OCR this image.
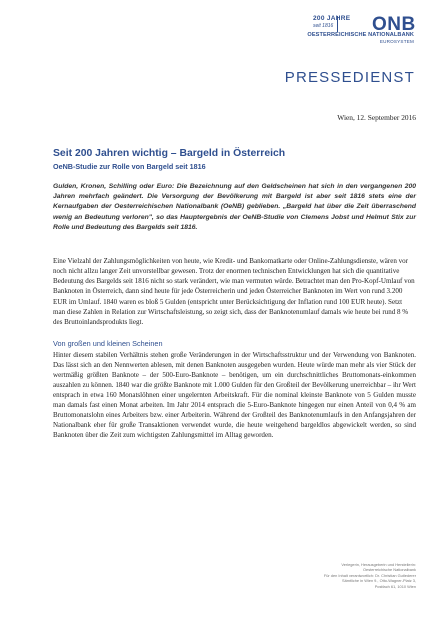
200 JAHRE
seit 1816	ONB
OESTERREICHISCHE NATIONALBANK
EUROSYSTEM
PRESSEDIENST
Wien, 12. September 2016
Seit 200 Jahren wichtig – Bargeld in Österreich
OeNB-Studie zur Rolle von Bargeld seit 1816

Gulden, Kronen, Schilling oder Euro: Die Bezeichnung auf den Geldscheinen hat sich in den vergangenen 200 Jahren mehrfach geändert. Die Versorgung der Bevölkerung mit Bargeld ist aber seit 1816 stets eine der Kernaufgaben der Oesterreichischen Nationalbank (OeNB) geblieben. „Bargeld hat über die Zeit überraschend wenig an Bedeutung verloren", so das Hauptergebnis der OeNB-Studie von Clemens Jobst und Helmut Stix zur Rolle und Bedeutung des Bargelds seit 1816.

Eine Vielzahl der Zahlungsmöglichkeiten von heute, wie Kredit- und Bankomatkarte oder Online-Zahlungsdienste, wären vor noch nicht allzu langer Zeit unvorstellbar gewesen. Trotz der enormen technischen Entwicklungen hat sich die quantitative Bedeutung des Bargelds seit 1816 nicht so stark verändert, wie man vermuten würde. Betrachtet man den Pro-Kopf-Umlauf von Banknoten in Österreich, dann sind heute für jede Österreicherin und jeden Österreicher Banknoten im Wert von rund 3.200 EUR im Umlauf. 1840 waren es bloß 5 Gulden (entspricht unter Berücksichtigung der Inflation rund 100 EUR heute). Setzt man diese Zahlen in Relation zur Wirtschaftsleistung, so zeigt sich, dass der Banknotenumlauf damals wie heute bei rund 8 % des Bruttoinlandsprodukts liegt.

Von großen und kleinen Scheinen

Hinter diesem stabilen Verhältnis stehen große Veränderungen in der Wirtschaftsstruktur und der Verwendung von Banknoten. Das lässt sich an den Nennwerten ablesen, mit denen Banknoten ausgegeben wurden. Heute würde man mehr als vier Stück der wertmäßig größten Banknote – der 500-Euro-Banknote – benötigen, um ein durchschnittliches Bruttomonats-einkommen auszahlen zu können. 1840 war die größte Banknote mit 1.000 Gulden für den Großteil der Bevölkerung unerreichbar – ihr Wert entsprach in etwa 160 Monatslöhnen einer ungelernten Arbeitskraft. Für die nominal kleinste Banknote von 5 Gulden musste man damals fast einen Monat arbeiten. Im Jahr 2014 entsprach die 5-Euro-Banknote hingegen nur einen Anteil von 0,4 % am Bruttomonatslohn eines Arbeiters bzw. einer Arbeiterin. Während der Großteil des Banknotenumlaufs in den Anfangsjahren der Nationalbank eher für große Transaktionen verwendet wurde, die heute weitgehend bargeldlos abgewickelt werden, so sind Banknoten über die Zeit zum wichtigsten Zahlungsmittel im Alltag geworden.

Verlegerin, Herausgeberin und Herstellerin:
Oesterreichische Nationalbank
Für den Inhalt verantwortlich: Dr. Christian Gutlederer
Sämtliche in Wien 9., Otto-Wagner-Platz 3,
Postfach 61, 1010 Wien
